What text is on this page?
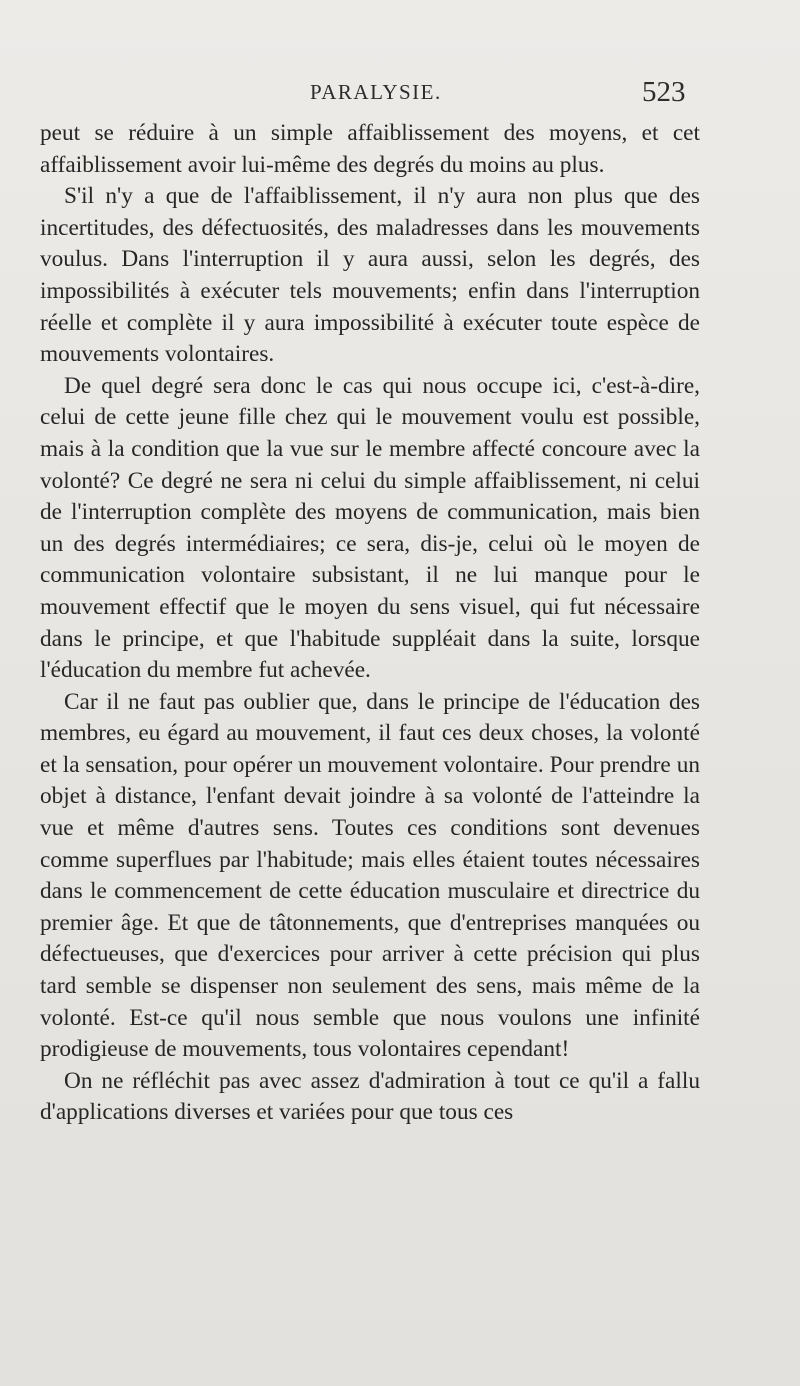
PARALYSIE.	523

peut se réduire à un simple affaiblissement des moyens, et cet affaiblissement avoir lui-même des degrés du moins au plus.

S'il n'y a que de l'affaiblissement, il n'y aura non plus que des incertitudes, des défectuosités, des maladresses dans les mouvements voulus. Dans l'interruption il y aura aussi, selon les degrés, des impossibilités à exécuter tels mouvements; enfin dans l'interruption réelle et complète il y aura impossibilité à exécuter toute espèce de mouvements volontaires.

De quel degré sera donc le cas qui nous occupe ici, c'est-à-dire, celui de cette jeune fille chez qui le mouvement voulu est possible, mais à la condition que la vue sur le membre affecté concoure avec la volonté? Ce degré ne sera ni celui du simple affaiblissement, ni celui de l'interruption complète des moyens de communication, mais bien un des degrés intermédiaires; ce sera, dis-je, celui où le moyen de communication volontaire subsistant, il ne lui manque pour le mouvement effectif que le moyen du sens visuel, qui fut nécessaire dans le principe, et que l'habitude suppléait dans la suite, lorsque l'éducation du membre fut achevée.

Car il ne faut pas oublier que, dans le principe de l'éducation des membres, eu égard au mouvement, il faut ces deux choses, la volonté et la sensation, pour opérer un mouvement volontaire. Pour prendre un objet à distance, l'enfant devait joindre à sa volonté de l'atteindre la vue et même d'autres sens. Toutes ces conditions sont devenues comme superflues par l'habitude; mais elles étaient toutes nécessaires dans le commencement de cette éducation musculaire et directrice du premier âge. Et que de tâtonnements, que d'entreprises manquées ou défectueuses, que d'exercices pour arriver à cette précision qui plus tard semble se dispenser non seulement des sens, mais même de la volonté. Est-ce qu'il nous semble que nous voulons une infinité prodigieuse de mouvements, tous volontaires cependant!

On ne réfléchit pas avec assez d'admiration à tout ce qu'il a fallu d'applications diverses et variées pour que tous ces
